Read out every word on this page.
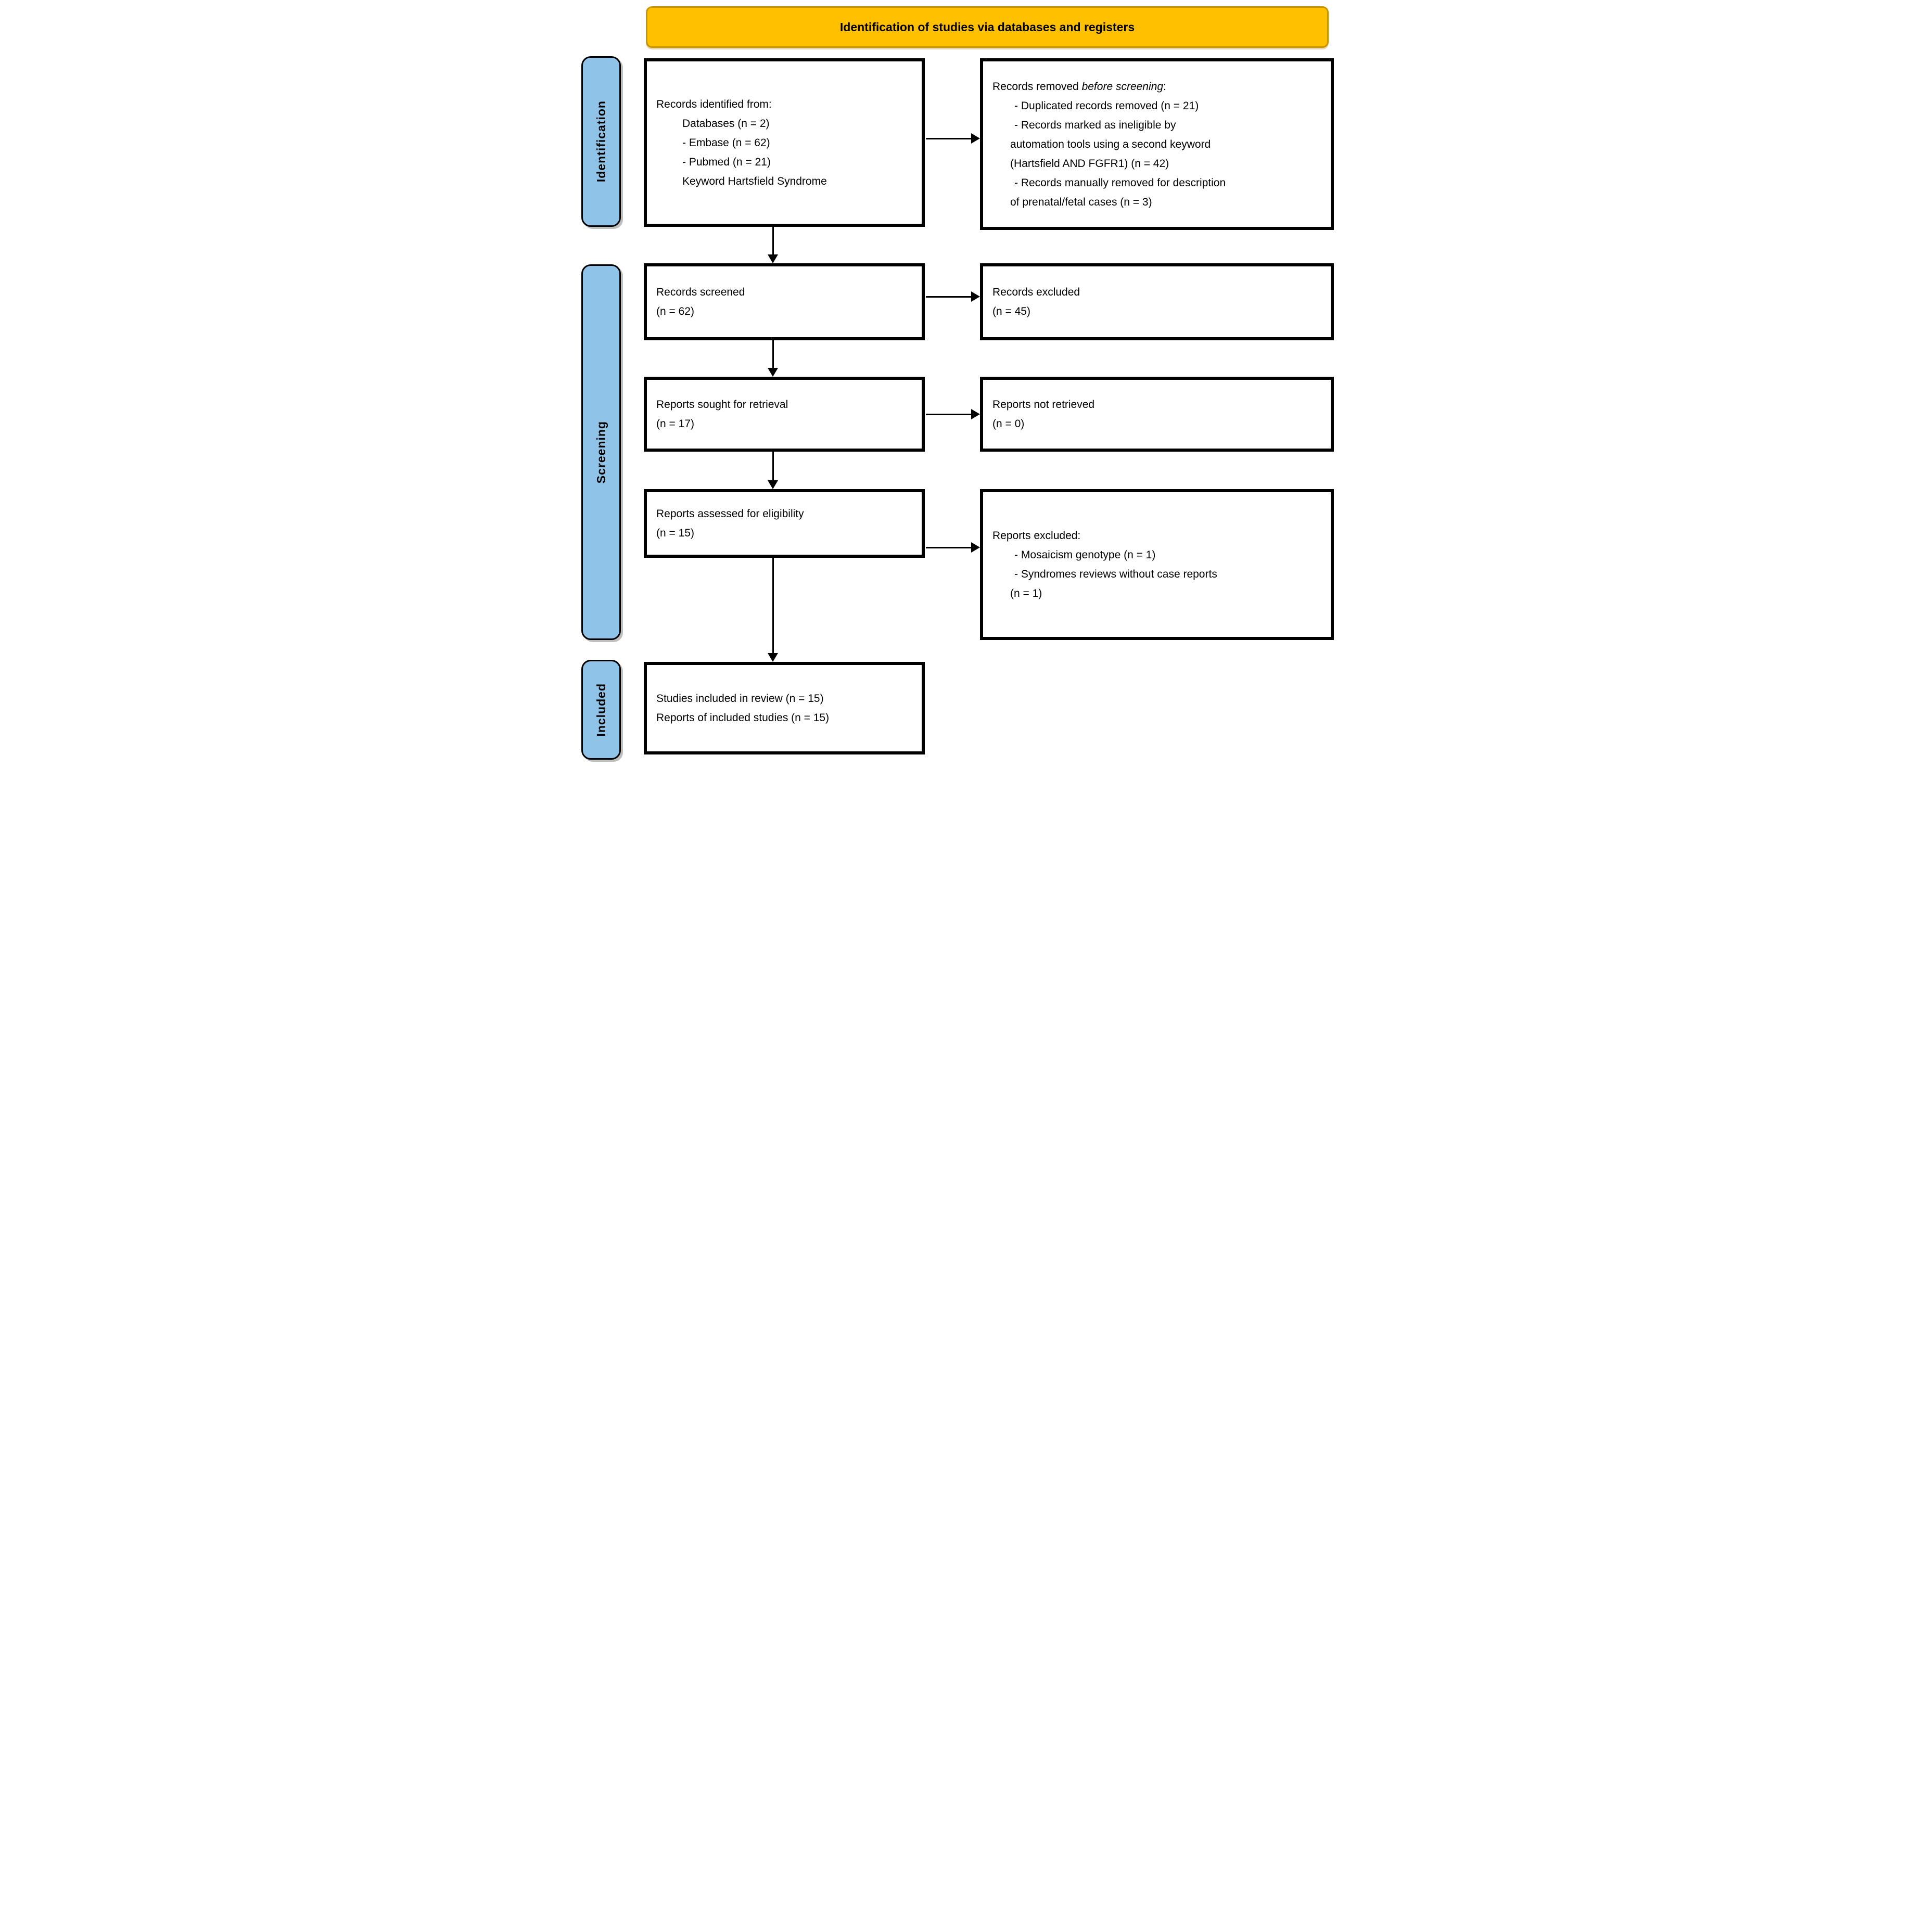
Identification of studies via databases and registers
Identification
Screening
Included
Records identified from:
Databases (n = 2)
- Embase (n = 62)
- Pubmed (n = 21)
Keyword Hartsfield Syndrome
Records removed before screening:
- Duplicated records removed (n = 21)
- Records marked as ineligible by
automation tools using a second keyword
(Hartsfield AND FGFR1) (n = 42)
- Records manually removed for description
of prenatal/fetal cases (n = 3)
Records screened
(n = 62)
Records excluded
(n = 45)
Reports sought for retrieval
(n = 17)
Reports not retrieved
(n = 0)
Reports assessed for eligibility
(n = 15)	Reports excluded:
- Mosaicism genotype (n = 1)
- Syndromes reviews without case reports
(n = 1)
Studies included in review (n = 15)
Reports of included studies (n = 15)
